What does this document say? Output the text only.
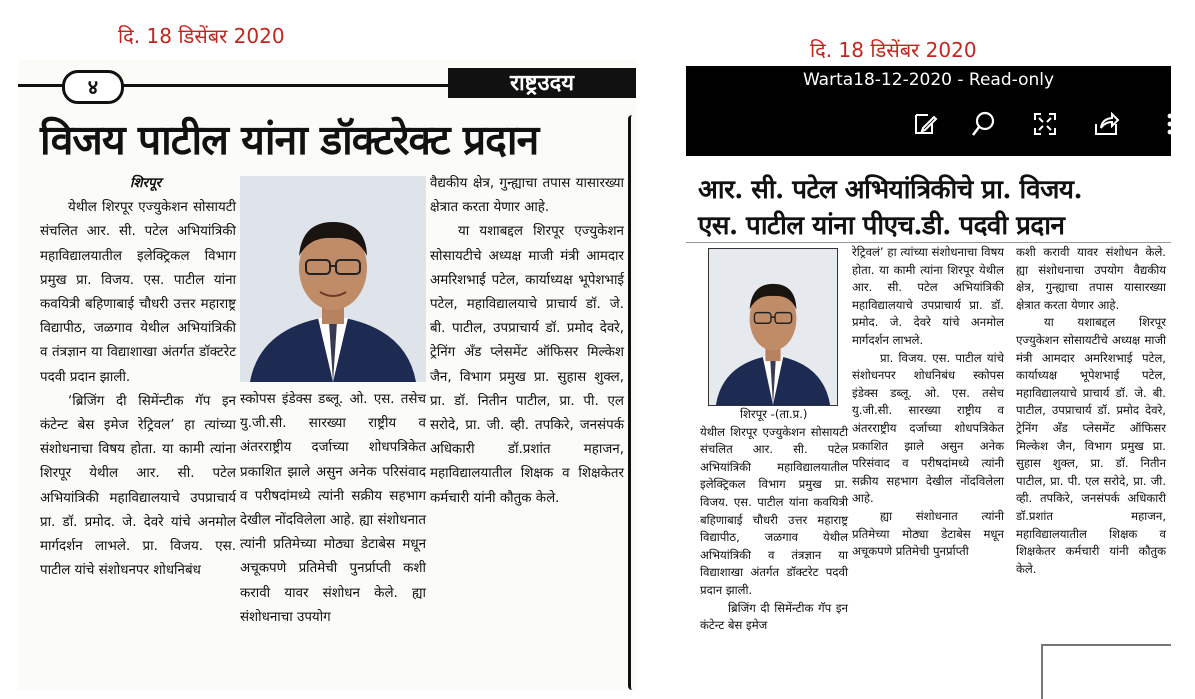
दि. 18 डिसेंबर 2020
दि. 18 डिसेंबर 2020
४	राष्ट्रउदय
विजय पाटील यांना डॉक्टरेक्ट प्रदान

शिरपूर

येथील शिरपूर एज्युकेशन सोसायटी संचलित आर. सी. पटेल अभियांत्रिकी महाविद्यालयातील इलेक्ट्रिकल विभाग प्रमुख प्रा. विजय. एस. पाटील यांना कवयित्री बहिणाबाई चौधरी उत्तर महाराष्ट्र विद्यापीठ, जळगाव येथील अभियांत्रिकी व तंत्रज्ञान या विद्याशाखा अंतर्गत डॉक्टरेट पदवी प्रदान झाली.

‘ब्रिजिंग दी सिमेंन्टीक गॅप इन कंटेन्ट बेस इमेज रेट्रिवल’ हा त्यांच्या संशोधनाचा विषय होता. या कामी त्यांना शिरपूर येथील आर. सी. पटेल अभियांत्रिकी महाविद्यालयाचे उपप्राचार्य प्रा. डॉ. प्रमोद. जे. देवरे यांचे अनमोल मार्गदर्शन लाभले. प्रा. विजय. एस. पाटील यांचे संशोधनपर शोधनिबंध

स्कोपस इंडेक्स डब्लू. ओ. एस. तसेच यु.जी.सी. सारख्या राष्ट्रीय व अंतरराष्ट्रीय दर्जाच्या शोधपत्रिकेत प्रकाशित झाले असुन अनेक परिसंवाद व परीषदांमध्ये त्यांनी सक्रीय सहभाग देखील नोंदविलेला आहे. ह्या संशोधनात त्यांनी प्रतिमेच्या मोठ्या डेटाबेस मधून अचूकपणे प्रतिमेची पुनर्प्राप्ती कशी करावी यावर संशोधन केले. ह्या संशोधनाचा उपयोग

वैद्यकीय क्षेत्र, गुन्ह्याचा तपास यासारख्या क्षेत्रात करता येणार आहे.

या यशाबद्दल शिरपूर एज्युकेशन सोसायटीचे अध्यक्ष माजी मंत्री आमदार अमरिशभाई पटेल, कार्याध्यक्ष भूपेशभाई पटेल, महाविद्यालयाचे प्राचार्य डॉ. जे. बी. पाटील, उपप्राचार्य डॉ. प्रमोद देवरे, ट्रेनिंग अँड प्लेसमेंट ऑफिसर मिल्केश जैन, विभाग प्रमुख प्रा. सुहास शुक्ल, प्रा. डॉ. नितीन पाटील, प्रा. पी. एल सरोदे, प्रा. जी. व्ही. तपकिरे, जनसंपर्क अधिकारी डॉ.प्रशांत महाजन, महाविद्यालयातील शिक्षक व शिक्षकेतर कर्मचारी यांनी कौतुक केले.

Warta18-12-2020 - Read-only
आर. सी. पटेल अभियांत्रिकीचे प्रा. विजय.
एस. पाटील यांना पीएच.डी. पदवी प्रदान

शिरपूर -(ता.प्र.)

येथील शिरपूर एज्युकेशन सोसायटी संचलित आर. सी. पटेल अभियांत्रिकी महाविद्यालयातील इलेक्ट्रिकल विभाग प्रमुख प्रा. विजय. एस. पाटील यांना कवयित्री बहिणाबाई चौधरी उत्तर महाराष्ट्र विद्यापीठ, जळगाव येथील अभियांत्रिकी व तंत्रज्ञान या विद्याशाखा अंतर्गत डॉक्टरेट पदवी प्रदान झाली.

ब्रिजिंग दी सिमेंन्टीक गॅप इन कंटेन्ट बेस इमेज

रेट्रिवलं’ हा त्यांच्या संशोधनाचा विषय होता. या कामी त्यांना शिरपूर येथील आर. सी. पटेल अभियांत्रिकी महाविद्यालयाचे उपप्राचार्य प्रा. डॉ. प्रमोद. जे. देवरे यांचे अनमोल मार्गदर्शन लाभले.

प्रा. विजय. एस. पाटील यांचे संशोधनपर शोधनिबंध स्कोपस इंडेक्स डब्लू. ओ. एस. तसेच यु.जी.सी. सारख्या राष्ट्रीय व अंतरराष्ट्रीय दर्जाच्या शोधपत्रिकेत प्रकाशित झाले असुन अनेक परिसंवाद व परीषदांमध्ये त्यांनी सक्रीय सहभाग देखील नोंदविलेला आहे.

ह्या संशोधनात त्यांनी प्रतिमेच्या मोठ्या डेटाबेस मधून अचूकपणे प्रतिमेची पुनर्प्राप्ती

कशी करावी यावर संशोधन केले. ह्या संशोधनाचा उपयोग वैद्यकीय क्षेत्र, गुन्ह्याचा तपास यासारख्या क्षेत्रात करता येणार आहे.

या यशाबद्दल शिरपूर एज्युकेशन सोसायटीचे अध्यक्ष माजी मंत्री आमदार अमरिशभाई पटेल, कार्याध्यक्ष भूपेशभाई पटेल, महाविद्यालयाचे प्राचार्य डॉ. जे. बी. पाटील, उपप्राचार्य डॉ. प्रमोद देवरे, ट्रेनिंग अँड प्लेसमेंट ऑफिसर मिल्केश जैन, विभाग प्रमुख प्रा. सुहास शुक्ल, प्रा. डॉ. नितीन पाटील, प्रा. पी. एल सरोदे, प्रा. जी. व्ही. तपकिरे, जनसंपर्क अधिकारी डॉ.प्रशांत महाजन, महाविद्यालयातील शिक्षक व शिक्षकेतर कर्मचारी यांनी कौतुक केले.
